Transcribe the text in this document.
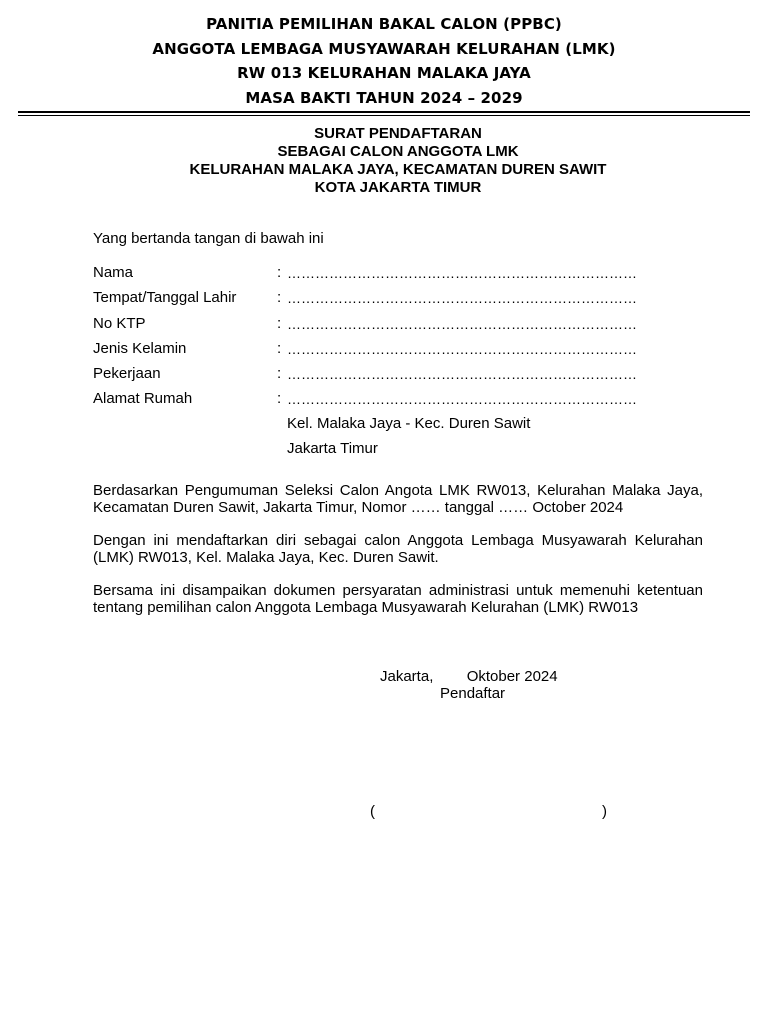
PANITIA PEMILIHAN BAKAL CALON (PPBC)
ANGGOTA LEMBAGA MUSYAWARAH KELURAHAN (LMK)
RW 013 KELURAHAN MALAKA JAYA
MASA BAKTI TAHUN 2024 – 2029
SURAT PENDAFTARAN
SEBAGAI CALON ANGGOTA LMK
KELURAHAN MALAKA JAYA, KECAMATAN DUREN SAWIT
KOTA JAKARTA TIMUR
Yang bertanda tangan di bawah ini
Nama	: …………………………………………………………………
Tempat/Tanggal Lahir	: …………………………………………………………………
No KTP	: …………………………………………………………………
Jenis Kelamin	: …………………………………………………………………
Pekerjaan	: …………………………………………………………………
Alamat Rumah	: …………………………………………………………………
Kel. Malaka Jaya - Kec. Duren Sawit
Jakarta Timur
Berdasarkan Pengumuman Seleksi Calon Angota LMK RW013, Kelurahan Malaka Jaya, Kecamatan Duren Sawit, Jakarta Timur, Nomor …… tanggal …… October 2024
Dengan ini mendaftarkan diri sebagai calon Anggota Lembaga Musyawarah Kelurahan (LMK) RW013, Kel. Malaka Jaya, Kec. Duren Sawit.
Bersama ini disampaikan dokumen persyaratan administrasi untuk memenuhi ketentuan tentang pemilihan calon Anggota Lembaga Musyawarah Kelurahan (LMK) RW013
Jakarta,        Oktober 2024
Pendaftar
(	)
